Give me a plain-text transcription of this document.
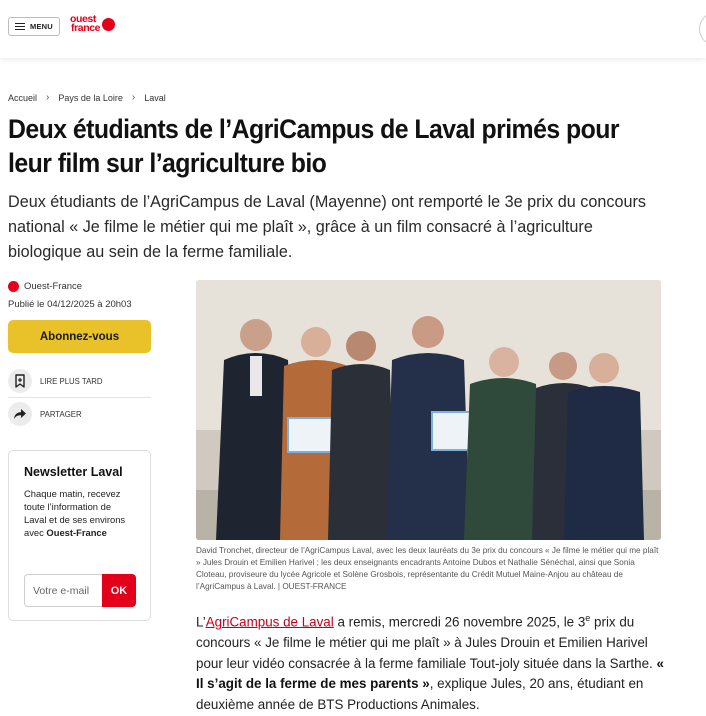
MENU
ouest
france
Accueil › Pays de la Loire › Laval
Deux étudiants de l’AgriCampus de Laval primés pour leur film sur l’agriculture bio

Deux étudiants de l’AgriCampus de Laval (Mayenne) ont remporté le 3e prix du concours national « Je filme le métier qui me plaît », grâce à un film consacré à l’agriculture biologique au sein de la ferme familiale.

Ouest-France
Publié le 04/12/2025 à 20h03
Abonnez-vous
LIRE PLUS TARD
PARTAGER
Newsletter Laval

Chaque matin, recevez toute l’information de Laval et de ses environs avec Ouest-France

Votre e-mail
OK

David Tronchet, directeur de l’AgriCampus Laval, avec les deux lauréats du 3e prix du concours « Je filme le métier qui me plaît » Jules Drouin et Emilien Harivel ; les deux enseignants encadrants Antoine Dubos et Nathalie Sénéchal, ainsi que Sonia Cloteau, proviseure du lycée Agricole et Solène Grosbois, représentante du Crédit Mutuel Maine-Anjou au château de l’AgriCampus à Laval. | OUEST-FRANCE

L’AgriCampus de Laval a remis, mercredi 26 novembre 2025, le 3e prix du concours « Je filme le métier qui me plaît » à Jules Drouin et Emilien Harivel pour leur vidéo consacrée à la ferme familiale Tout-joly située dans la Sarthe. « Il s’agit de la ferme de mes parents », explique Jules, 20 ans, étudiant en deuxième année de BTS Productions Animales.
